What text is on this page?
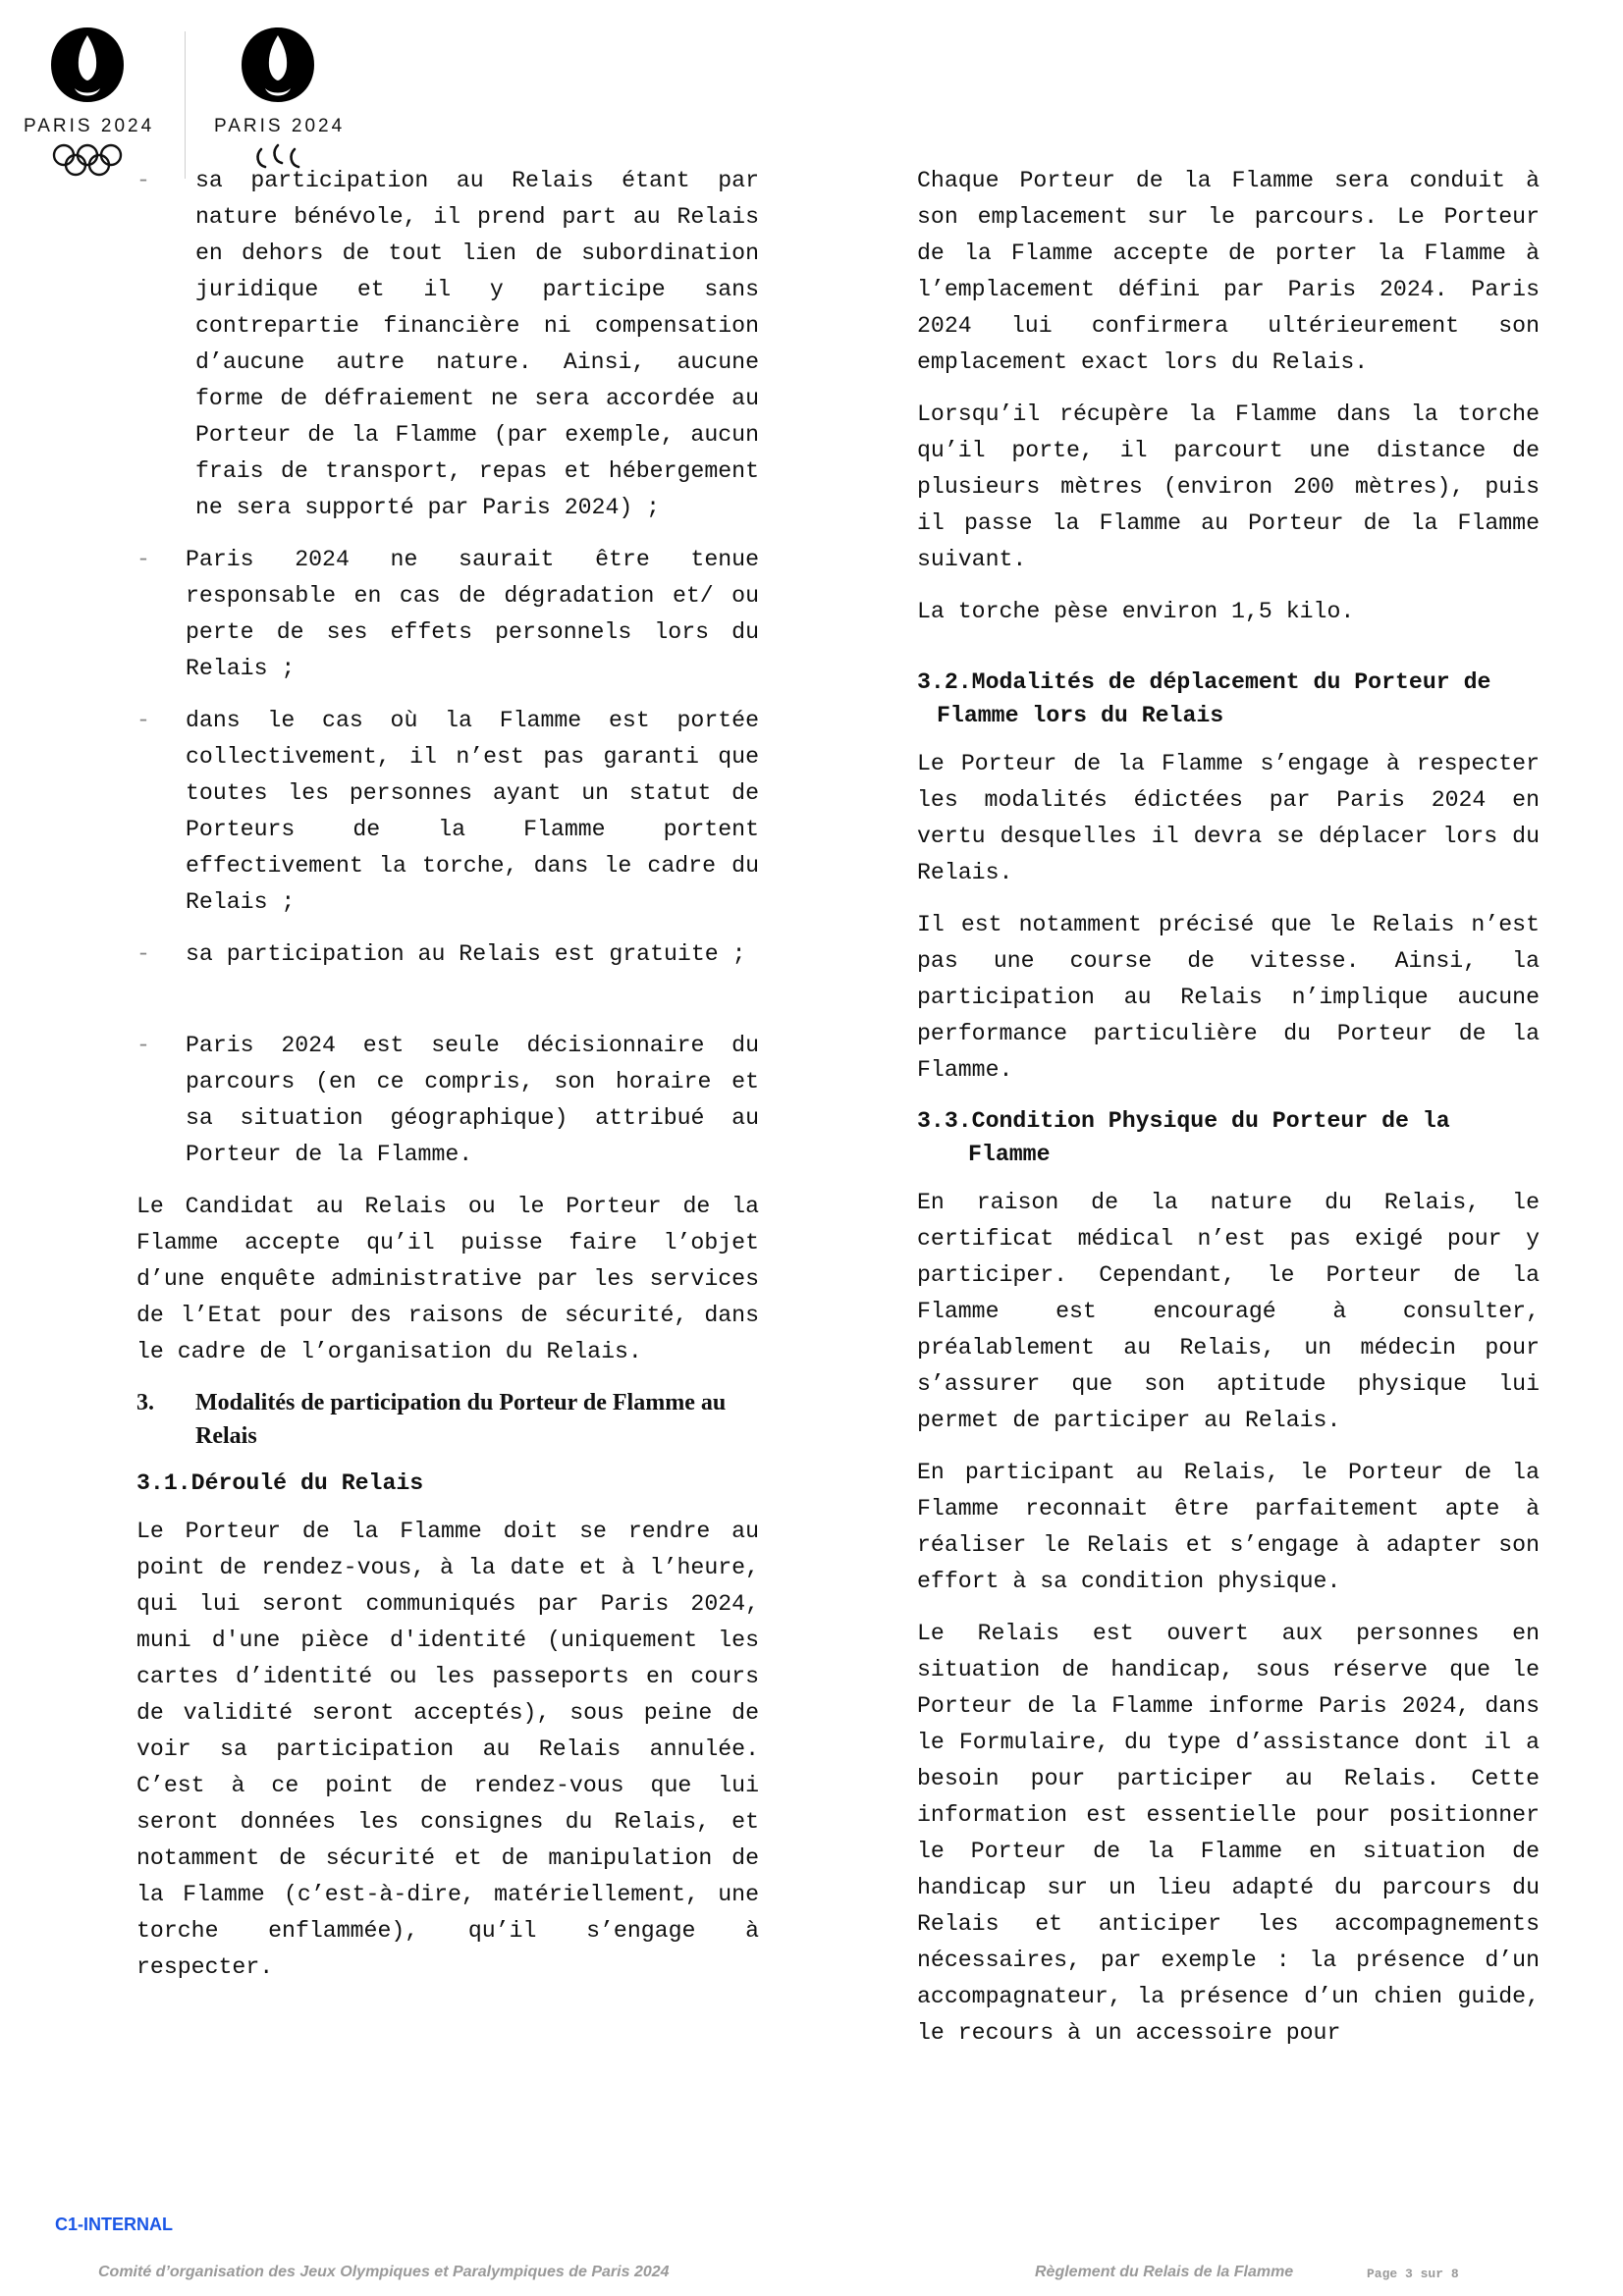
PARIS 2024	PARIS 2024
- sa participation au Relais étant par nature bénévole, il prend part au Relais en dehors de tout lien de subordination juridique et il y participe sans contrepartie financière ni compensation d’aucune autre nature. Ainsi, aucune forme de défraiement ne sera accordée au Porteur de la Flamme (par exemple, aucun frais de transport, repas et hébergement ne sera supporté par Paris 2024) ;
- Paris 2024 ne saurait être tenue responsable en cas de dégradation et/ ou perte de ses effets personnels lors du Relais ;
- dans le cas où la Flamme est portée collectivement, il n’est pas garanti que toutes les personnes ayant un statut de Porteurs de la Flamme portent effectivement la torche, dans le cadre du Relais ;
- sa participation au Relais est gratuite ;
- Paris 2024 est seule décisionnaire du parcours (en ce compris, son horaire et sa situation géographique) attribué au Porteur de la Flamme.

Le Candidat au Relais ou le Porteur de la Flamme accepte qu’il puisse faire l’objet d’une enquête administrative par les services de l’Etat pour des raisons de sécurité, dans le cadre de l’organisation du Relais.

3. Modalités de participation du Porteur de Flamme au Relais
3.1.Déroulé du Relais

Le Porteur de la Flamme doit se rendre au point de rendez-vous, à la date et à l’heure, qui lui seront communiqués par Paris 2024, muni d'une pièce d'identité (uniquement les cartes d’identité ou les passeports en cours de validité seront acceptés), sous peine de voir sa participation au Relais annulée. C’est à ce point de rendez-vous que lui seront données les consignes du Relais, et notamment de sécurité et de manipulation de la Flamme (c’est-à-dire, matériellement, une torche enflammée), qu’il s’engage à respecter.

Chaque Porteur de la Flamme sera conduit à son emplacement sur le parcours. Le Porteur de la Flamme accepte de porter la Flamme à l’emplacement défini par Paris 2024. Paris 2024 lui confirmera ultérieurement son emplacement exact lors du Relais.

Lorsqu’il récupère la Flamme dans la torche qu’il porte, il parcourt une distance de plusieurs mètres (environ 200 mètres), puis il passe la Flamme au Porteur de la Flamme suivant.

La torche pèse environ 1,5 kilo.

3.2.Modalités de déplacement du Porteur de Flamme lors du Relais

Le Porteur de la Flamme s’engage à respecter les modalités édictées par Paris 2024 en vertu desquelles il devra se déplacer lors du Relais.

Il est notamment précisé que le Relais n’est pas une course de vitesse. Ainsi, la participation au Relais n’implique aucune performance particulière du Porteur de la Flamme.

3.3.Condition Physique du Porteur de la Flamme

En raison de la nature du Relais, le certificat médical n’est pas exigé pour y participer. Cependant, le Porteur de la Flamme est encouragé à consulter, préalablement au Relais, un médecin pour s’assurer que son aptitude physique lui permet de participer au Relais.

En participant au Relais, le Porteur de la Flamme reconnait être parfaitement apte à réaliser le Relais et s’engage à adapter son effort à sa condition physique.

Le Relais est ouvert aux personnes en situation de handicap, sous réserve que le Porteur de la Flamme informe Paris 2024, dans le Formulaire, du type d’assistance dont il a besoin pour participer au Relais. Cette information est essentielle pour positionner le Porteur de la Flamme en situation de handicap sur un lieu adapté du parcours du Relais et anticiper les accompagnements nécessaires, par exemple : la présence d’un accompagnateur, la présence d’un chien guide, le recours à un accessoire pour

C1-INTERNAL
Comité d’organisation des Jeux Olympiques et Paralympiques de Paris 2024	Règlement du Relais de la Flamme	Page 3 sur 8
